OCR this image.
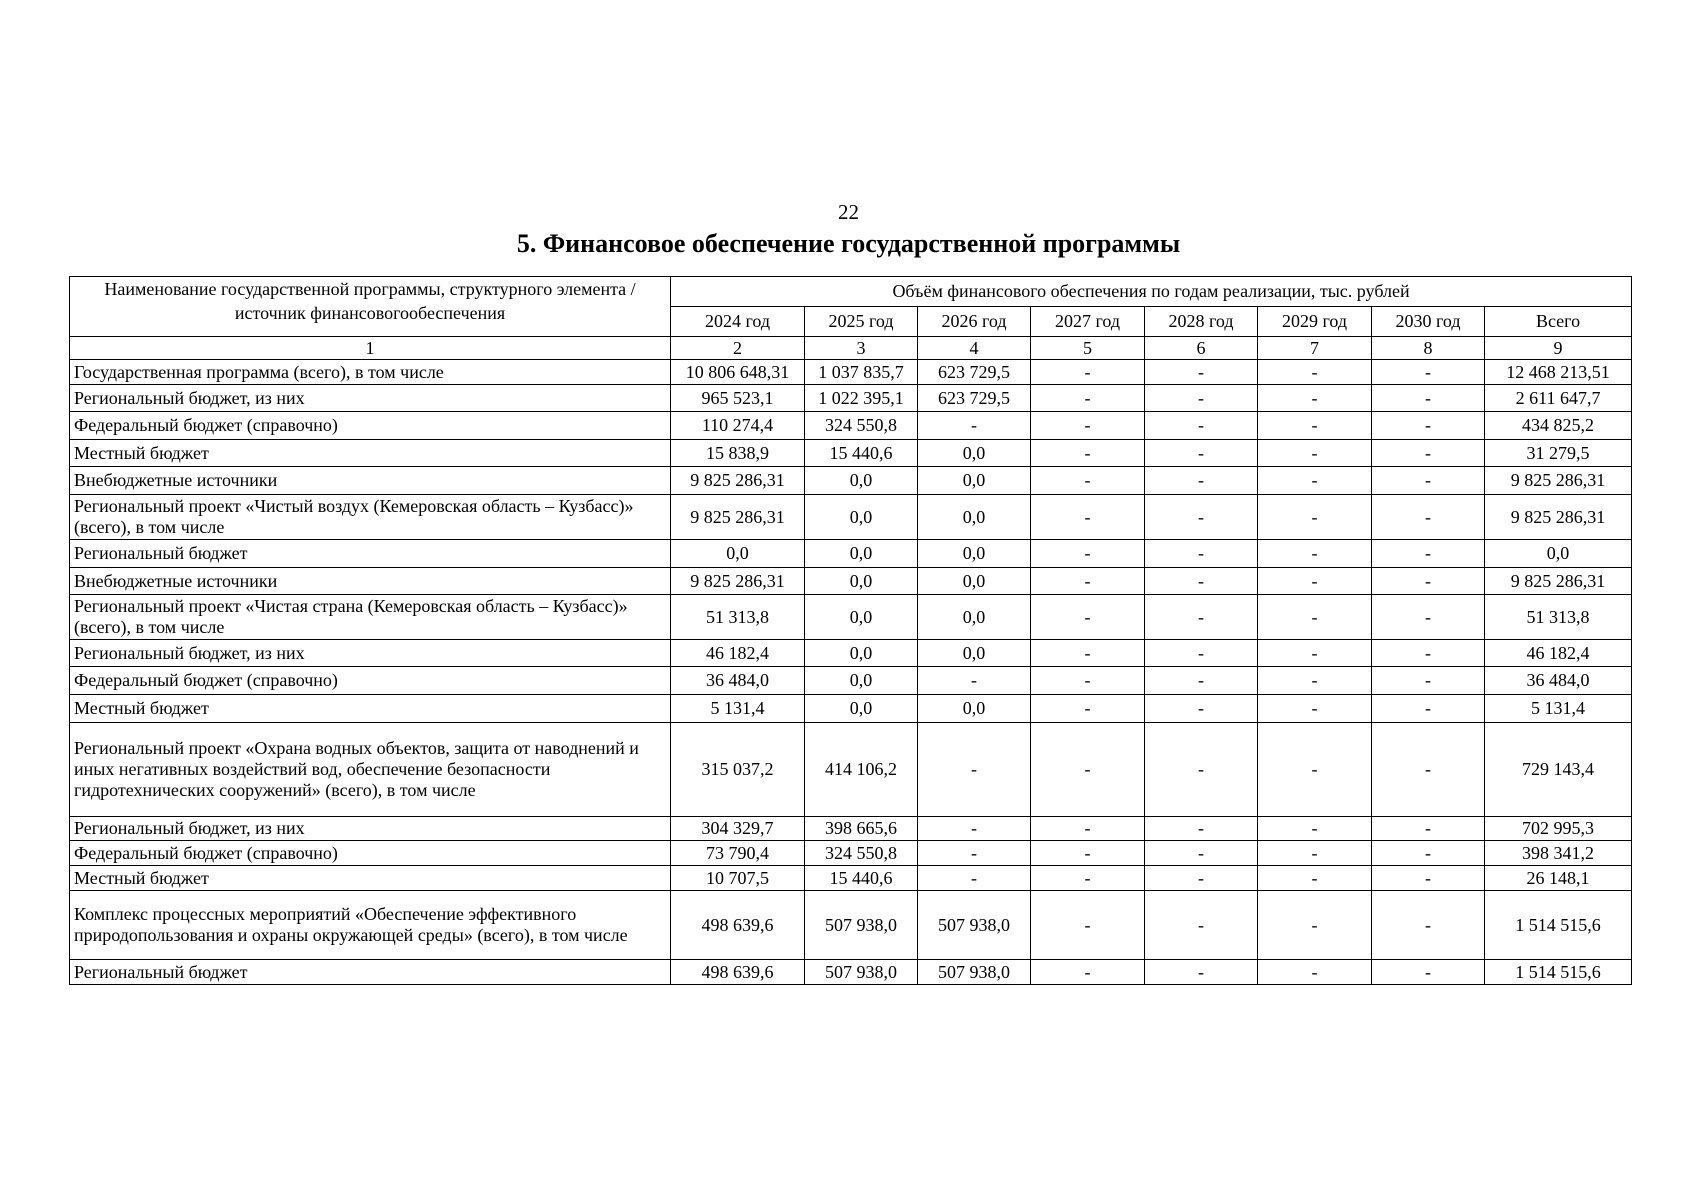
22
5. Финансовое обеспечение государственной программы
Наименование государственной программы, структурного элемента / источник финансовогообеспечения	Объём финансового обеспечения по годам реализации, тыс. рублей							
	2024 год	2025 год	2026 год	2027 год	2028 год	2029 год	2030 год	Всего
1	2	3	4	5	6	7	8	9
Государственная программа (всего), в том числе	10 806 648,31	1 037 835,7	623 729,5	-	-	-	-	12 468 213,51
Региональный бюджет, из них	965 523,1	1 022 395,1	623 729,5	-	-	-	-	2 611 647,7
Федеральный бюджет (справочно)	110 274,4	324 550,8	-	-	-	-	-	434 825,2
Местный бюджет	15 838,9	15 440,6	0,0	-	-	-	-	31 279,5
Внебюджетные источники	9 825 286,31	0,0	0,0	-	-	-	-	9 825 286,31
Региональный проект «Чистый воздух (Кемеровская область – Кузбасс)» (всего), в том числе	9 825 286,31	0,0	0,0	-	-	-	-	9 825 286,31
Региональный бюджет	0,0	0,0	0,0	-	-	-	-	0,0
Внебюджетные источники	9 825 286,31	0,0	0,0	-	-	-	-	9 825 286,31
Региональный проект «Чистая страна (Кемеровская область – Кузбасс)» (всего), в том числе	51 313,8	0,0	0,0	-	-	-	-	51 313,8
Региональный бюджет, из них	46 182,4	0,0	0,0	-	-	-	-	46 182,4
Федеральный бюджет (справочно)	36 484,0	0,0	-	-	-	-	-	36 484,0
Местный бюджет	5 131,4	0,0	0,0	-	-	-	-	5 131,4
Региональный проект «Охрана водных объектов, защита от наводнений и иных негативных воздействий вод, обеспечение безопасности гидротехнических сооружений» (всего), в том числе	315 037,2	414 106,2	-	-	-	-	-	729 143,4
Региональный бюджет, из них	304 329,7	398 665,6	-	-	-	-	-	702 995,3
Федеральный бюджет (справочно)	73 790,4	324 550,8	-	-	-	-	-	398 341,2
Местный бюджет	10 707,5	15 440,6	-	-	-	-	-	26 148,1
Комплекс процессных мероприятий «Обеспечение эффективного природопользования и охраны окружающей среды» (всего), в том числе	498 639,6	507 938,0	507 938,0	-	-	-	-	1 514 515,6
Региональный бюджет	498 639,6	507 938,0	507 938,0	-	-	-	-	1 514 515,6
